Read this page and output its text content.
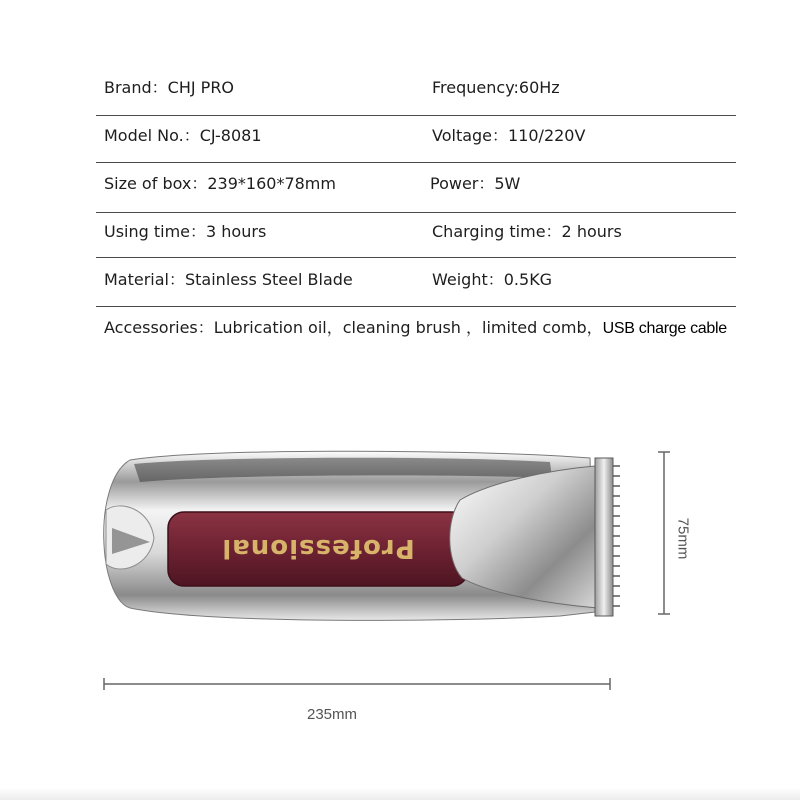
Brand：CHJ PRO	Frequency:60Hz
Model No.：CJ-8081	Voltage：110/220V
Size of box：239*160*78mm	Power：5W
Using time：3 hours	Charging time：2 hours
Material：Stainless Steel Blade	Weight：0.5KG
Accessories：Lubrication oil，cleaning brush ，limited comb，USB charge cable
Professional	75mm
235mm
